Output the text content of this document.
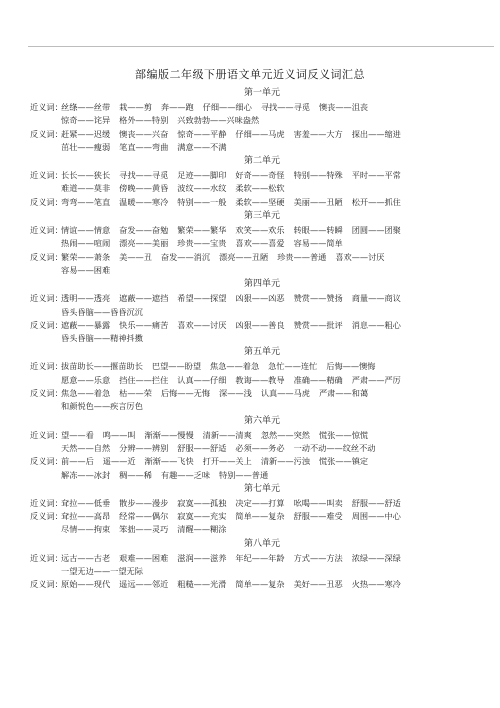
部编版二年级下册语文单元近义词反义词汇总
第一单元
近义词：丝绦——丝带 栽——剪 奔——跑 仔细——细心 寻找——寻觅 懊丧——沮丧
惊奇——诧异 格外——特别 兴致勃勃——兴味盎然
反义词：赶紧——迟缓 懊丧——兴奋 惊奇——平静 仔细——马虎 害羞——大方 探出——缩进
茁壮——瘦弱 笔直——弯曲 满意——不满
第二单元
近义词：长长——狭长 寻找——寻觅 足迹——脚印 好奇——奇怪 特别——特殊 平时——平常
难道——莫非 傍晚——黄昏 波纹——水纹 柔软——松软
反义词：弯弯——笔直 温暖——寒冷 特别——一般 柔软——坚硬 美丽——丑陋 松开——抓住
第三单元
近义词：情谊——情意 奋发——奋勉 繁荣——繁华 欢笑——欢乐 转眼——转瞬 团圆——团聚
热闹——喧闹 漂亮——美丽 珍贵——宝贵 喜欢——喜爱 容易——简单
反义词：繁荣——萧条 美——丑 奋发——消沉 漂亮——丑陋 珍贵——普通 喜欢——讨厌
容易——困难
第四单元
近义词：透明——透亮 遮蔽——遮挡 希望——探望 凶狠——凶恶 赞赏——赞扬 商量——商议
昏头昏脑——昏昏沉沉
反义词：遮蔽——暴露 快乐——痛苦 喜欢——讨厌 凶狠——善良 赞赏——批评 消息——粗心
昏头昏脑——精神抖擞
第五单元
近义词：拔苗助长——揠苗助长 巴望——盼望 焦急——着急 急忙——连忙 后悔——懊悔
愿意——乐意 挡住——拦住 认真——仔细 教诲——教导 准确——精确 严肃——严厉
反义词：焦急——着急 枯——荣 后悔——无悔 深——浅 认真——马虎 严肃——和蔼
和颜悦色——疾言厉色
第六单元
近义词：望——看 鸣——叫 渐渐——慢慢 清新——清爽 忽然——突然 慌张——惊慌
天然——自然 分辨——辨别 舒服——舒适 必须——务必 一动不动——纹丝不动
反义词：前——后 遥——近 渐渐——飞快 打开——关上 清新——污浊 慌张——镇定
解冻——冰封 稠——稀 有趣——乏味 特别——普通
第七单元
近义词：耷拉——低垂 散步——漫步 寂寞——孤独 决定——打算 吆喝——叫卖 舒服——舒适
反义词：耷拉——高昂 经常——偶尔 寂寞——充实 简单——复杂 舒服——难受 周围——中心
尽情——拘束 笨拙——灵巧 清醒——糊涂
第八单元
近义词：远古——古老 艰难——困难 滋润——滋养 年纪——年龄 方式——方法 浓绿——深绿
一望无边——一望无际
反义词：原始——现代 遥远——邻近 粗糙——光滑 简单——复杂 美好——丑恶 火热——寒冷
